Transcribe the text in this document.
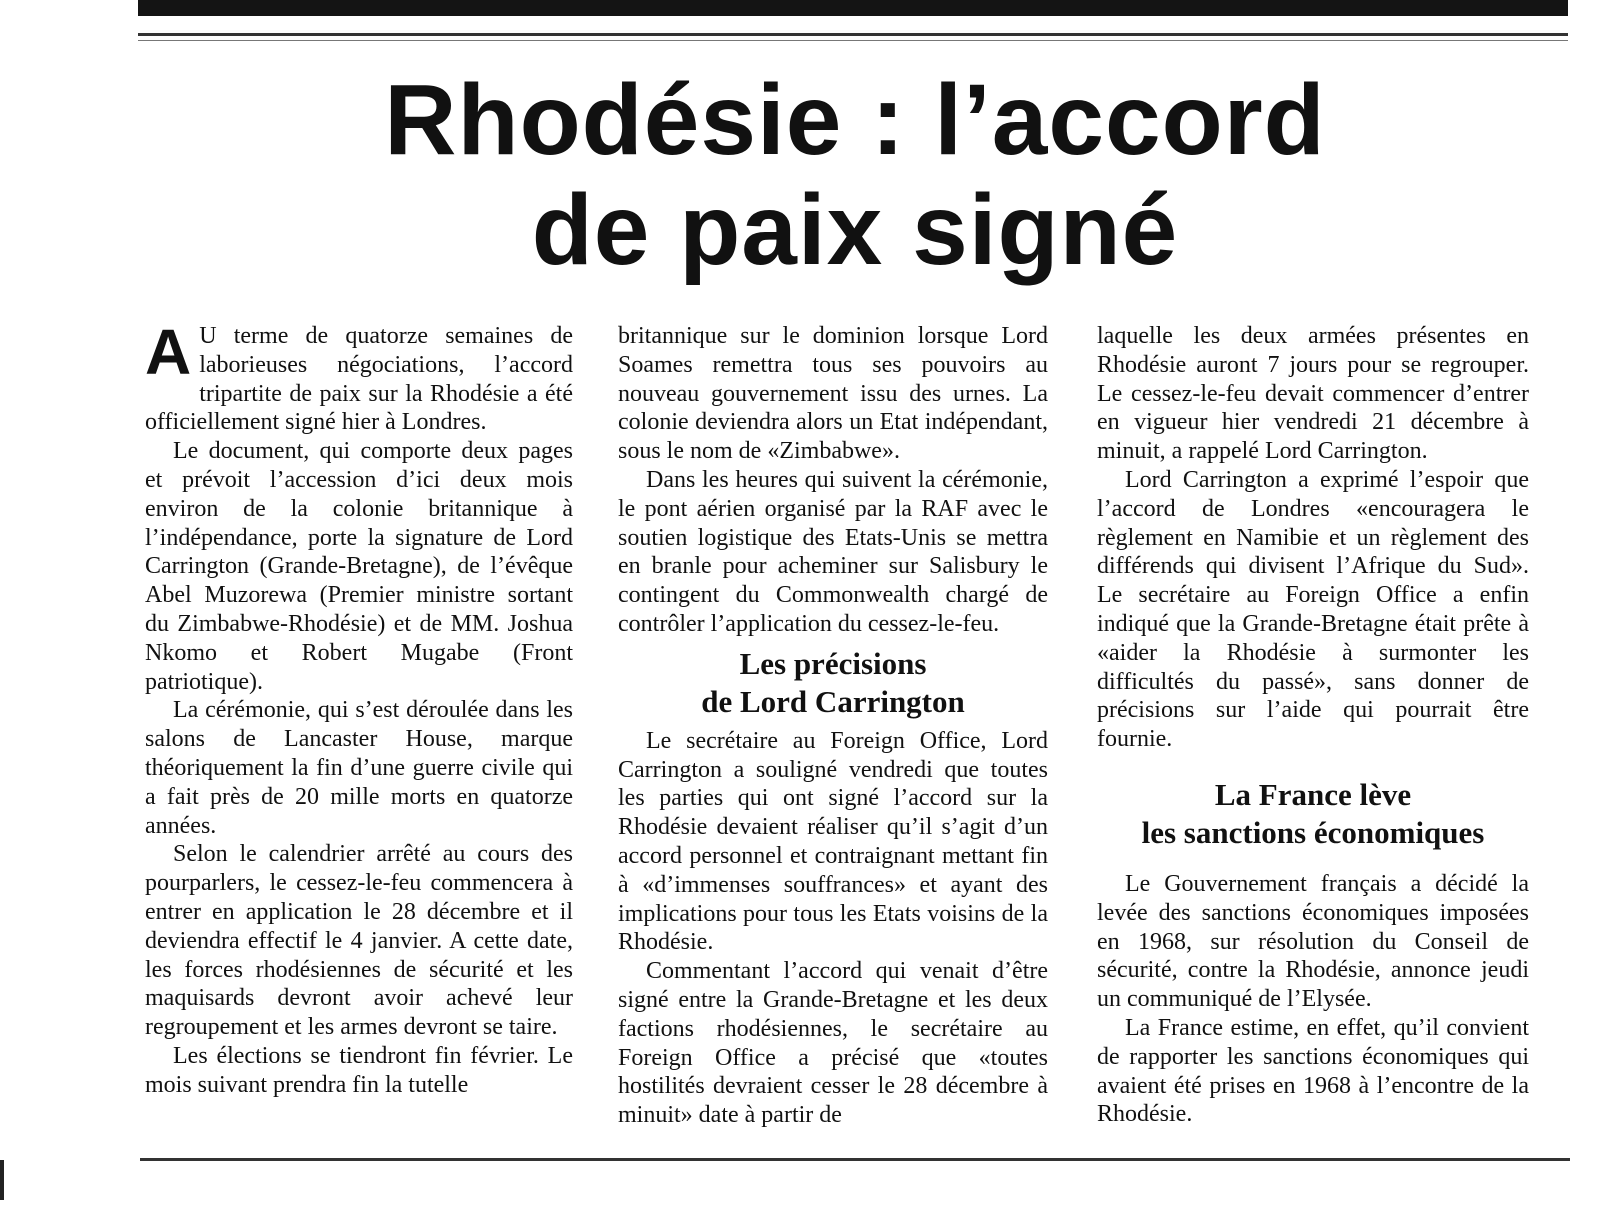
Rhodésie : l’accord
de paix signé

A U terme de quatorze semaines de laborieuses négociations, l’accord tripartite de paix sur la Rhodésie a été officiellement signé hier à Londres.

Le document, qui comporte deux pages et prévoit l’accession d’ici deux mois environ de la colonie britannique à l’indépendance, porte la signature de Lord Carrington (Grande-Bretagne), de l’évêque Abel Muzorewa (Premier ministre sortant du Zimbabwe-Rhodésie) et de MM. Joshua Nkomo et Robert Mugabe (Front patriotique).

La cérémonie, qui s’est déroulée dans les salons de Lancaster House, marque théoriquement la fin d’une guerre civile qui a fait près de 20 mille morts en quatorze années.

Selon le calendrier arrêté au cours des pourparlers, le cessez-le-feu commencera à entrer en application le 28 décembre et il deviendra effectif le 4 janvier. A cette date, les forces rhodésiennes de sécurité et les maquisards devront avoir achevé leur regroupement et les armes devront se taire.

Les élections se tiendront fin février. Le mois suivant prendra fin la tutelle

britannique sur le dominion lorsque Lord Soames remettra tous ses pouvoirs au nouveau gouvernement issu des urnes. La colonie deviendra alors un Etat indépendant, sous le nom de «Zimbabwe».

Dans les heures qui suivent la cérémonie, le pont aérien organisé par la RAF avec le soutien logistique des Etats-Unis se mettra en branle pour acheminer sur Salisbury le contingent du Commonwealth chargé de contrôler l’application du cessez-le-feu.

Les précisions
de Lord Carrington

Le secrétaire au Foreign Office, Lord Carrington a souligné vendredi que toutes les parties qui ont signé l’accord sur la Rhodésie devaient réaliser qu’il s’agit d’un accord personnel et contraignant mettant fin à «d’immenses souffrances» et ayant des implications pour tous les Etats voisins de la Rhodésie.

Commentant l’accord qui venait d’être signé entre la Grande-Bretagne et les deux factions rhodésiennes, le secrétaire au Foreign Office a précisé que «toutes hostilités devraient cesser le 28 décembre à minuit» date à partir de

laquelle les deux armées présentes en Rhodésie auront 7 jours pour se regrouper. Le cessez-le-feu devait commencer d’entrer en vigueur hier vendredi 21 décembre à minuit, a rappelé Lord Carrington.

Lord Carrington a exprimé l’espoir que l’accord de Londres «encouragera le règlement en Namibie et un règlement des différends qui divisent l’Afrique du Sud». Le secrétaire au Foreign Office a enfin indiqué que la Grande-Bretagne était prête à «aider la Rhodésie à surmonter les difficultés du passé», sans donner de précisions sur l’aide qui pourrait être fournie.

La France lève
les sanctions économiques

Le Gouvernement français a décidé la levée des sanctions économiques imposées en 1968, sur résolution du Conseil de sécurité, contre la Rhodésie, annonce jeudi un communiqué de l’Elysée.

La France estime, en effet, qu’il convient de rapporter les sanctions économiques qui avaient été prises en 1968 à l’encontre de la Rhodésie.
